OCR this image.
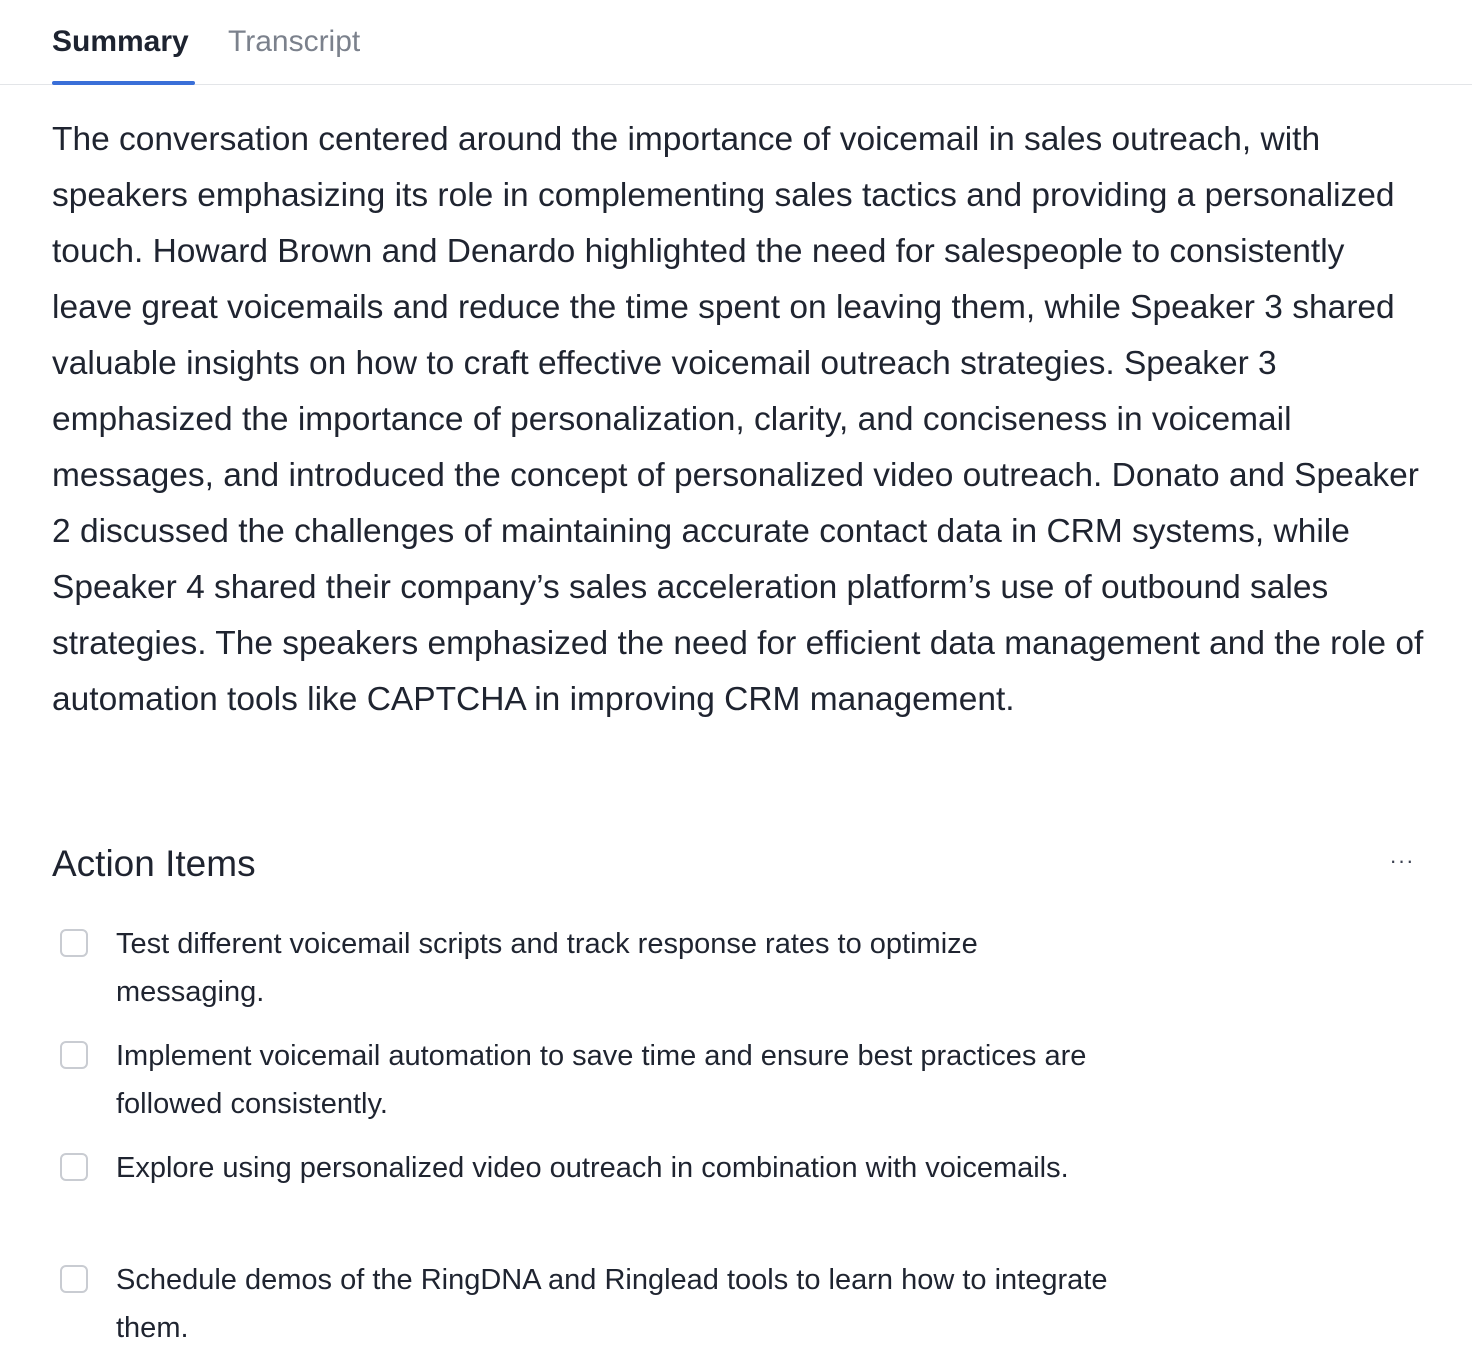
Summary Transcript

The conversation centered around the importance of voicemail in sales outreach, with speakers emphasizing its role in complementing sales tactics and providing a personalized touch. Howard Brown and Denardo highlighted the need for salespeople to consistently leave great voicemails and reduce the time spent on leaving them, while Speaker 3 shared valuable insights on how to craft effective voicemail outreach strategies. Speaker 3 emphasized the importance of personalization, clarity, and conciseness in voicemail messages, and introduced the concept of personalized video outreach. Donato and Speaker 2 discussed the challenges of maintaining accurate contact data in CRM systems, while Speaker 4 shared their company’s sales acceleration platform’s use of outbound sales strategies. The speakers emphasized the need for efficient data management and the role of automation tools like CAPTCHA in improving CRM management.

Action Items	···
Test different voicemail scripts and track response rates to optimize messaging.
Implement voicemail automation to save time and ensure best practices are followed consistently.
Explore using personalized video outreach in combination with voicemails.
Schedule demos of the RingDNA and Ringlead tools to learn how to integrate them.
